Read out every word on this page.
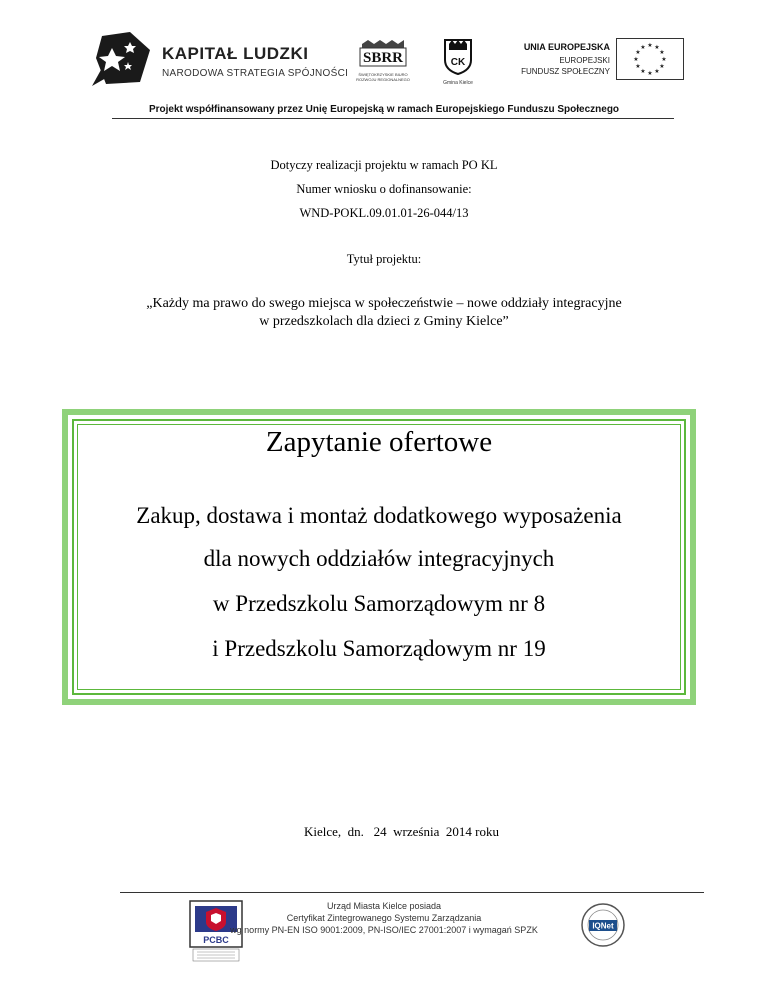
KAPITAŁ LUDZKI
NARODOWA STRATEGIA SPÓJNOŚCI
SBRR
ŚWIĘTOKRZYSKIE BIURO ROZWOJU REGIONALNEGO
CK
Gmina Kielce
UNIA EUROPEJSKA
EUROPEJSKI
FUNDUSZ SPOŁECZNY
★ ★
★
★
★
★
★
★
★
★
★
★
Projekt współfinansowany przez Unię Europejską w ramach Europejskiego Funduszu Społecznego
Dotyczy realizacji projektu w ramach PO KL
Numer wniosku o dofinansowanie:
WND-POKL.09.01.01-26-044/13
Tytuł projektu:
„Każdy ma prawo do swego miejsca w społeczeństwie – nowe oddziały integracyjne
w przedszkolach dla dzieci z Gminy Kielce”
Zapytanie ofertowe
Zakup, dostawa i montaż dodatkowego wyposażenia
dla nowych oddziałów integracyjnych
w Przedszkolu Samorządowym nr 8
i Przedszkolu Samorządowym nr 19
Kielce,  dn.   24  września  2014 roku
PCBC
Urząd Miasta Kielce posiada
Certyfikat Zintegrowanego Systemu Zarządzania
wg normy PN-EN ISO 9001:2009, PN-ISO/IEC 27001:2007 i wymagań SPZK	IQNet
